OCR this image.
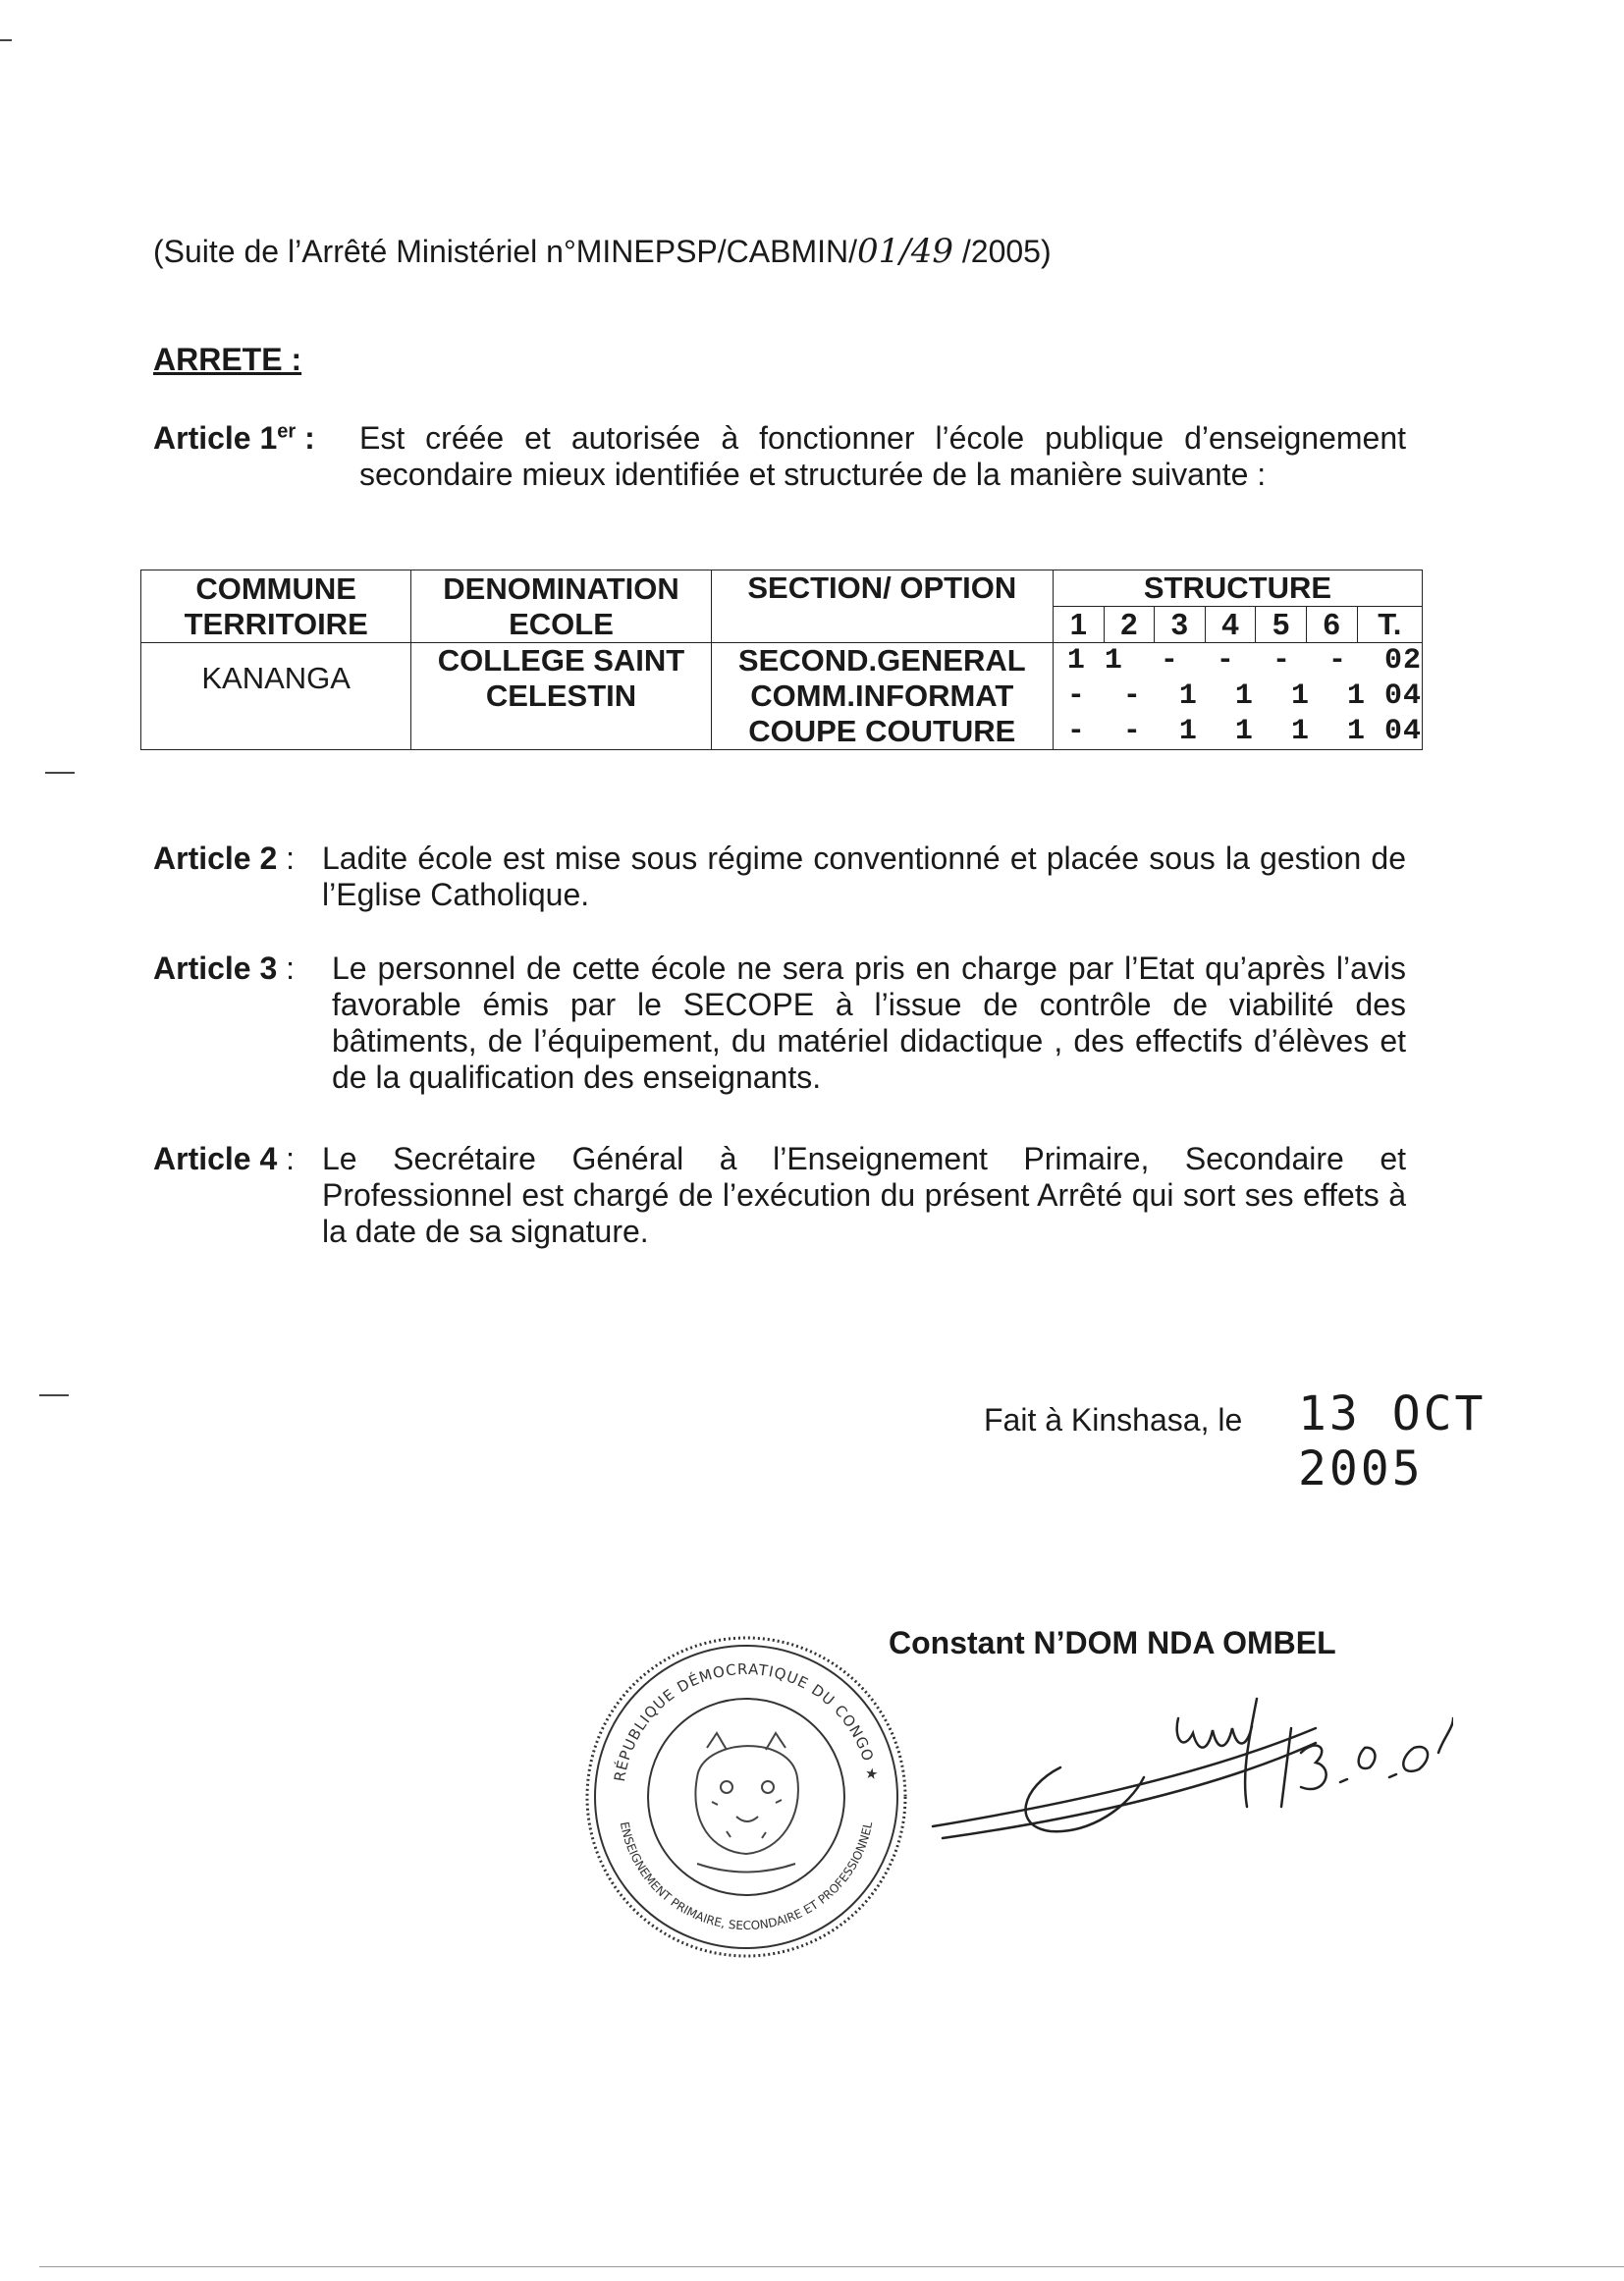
(Suite de l’Arrêté Ministériel n°MINEPSP/CABMIN/01/49 /2005)
ARRETE :
Article 1er : Est créée et autorisée à fonctionner l’école publique d’enseignement secondaire mieux identifiée et structurée de la manière suivante :
COMMUNE TERRITOIRE	DENOMINATION ECOLE	SECTION/ OPTION	STRUCTURE						
			1	2	3	4	5	6	T.
KANANGA	COLLEGE SAINT CELESTIN	SECOND.GENERAL	1 1  -  -  -  -  02						
		COMM.INFORMAT	-  -  1  1  1  1 04						
		COUPE COUTURE	-  -  1  1  1  1 04						
Article 2 : Ladite école est mise sous régime conventionné et placée sous la gestion de l’Eglise Catholique.
Article 3 : Le personnel de cette école ne sera pris en charge par l’Etat qu’après l’avis favorable émis par le SECOPE à l’issue de contrôle de viabilité des bâtiments, de l’équipement, du matériel didactique , des effectifs d’élèves et de la qualification des enseignants.
Article 4 : Le Secrétaire Général à l’Enseignement Primaire, Secondaire et Professionnel est chargé de l’exécution du présent Arrêté qui sort ses effets à la date de sa signature.
Fait à Kinshasa, le 13 OCT 2005
Constant N’DOM NDA OMBEL
RÉPUBLIQUE DÉMOCRATIQUE DU CONGO ★
ENSEIGNEMENT PRIMAIRE, SECONDAIRE ET PROFESSIONNEL
